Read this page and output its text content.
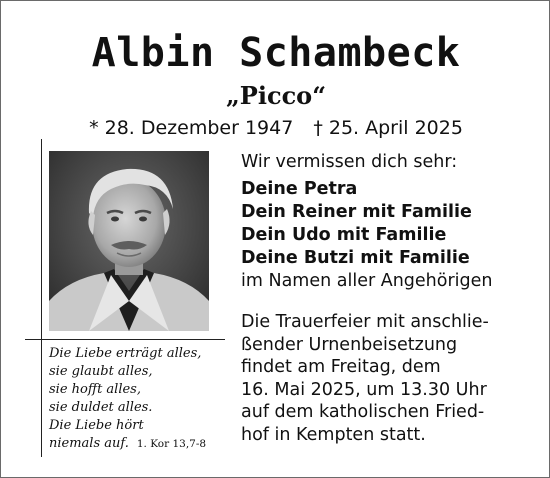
Albin Schambeck
„Picco“
* 28. Dezember 1947 † 25. April 2025
Die Liebe erträgt alles,
sie glaubt alles,
sie hofft alles,
sie duldet alles.
Die Liebe hört
niemals auf. 1. Kor 13,7-8
Wir vermissen dich sehr:
Deine Petra
Dein Reiner mit Familie
Dein Udo mit Familie
Deine Butzi mit Familie
im Namen aller Angehörigen
Die Trauerfeier mit anschlie-
ßender Urnenbeisetzung
findet am Freitag, dem
16. Mai 2025, um 13.30 Uhr
auf dem katholischen Fried-
hof in Kempten statt.
